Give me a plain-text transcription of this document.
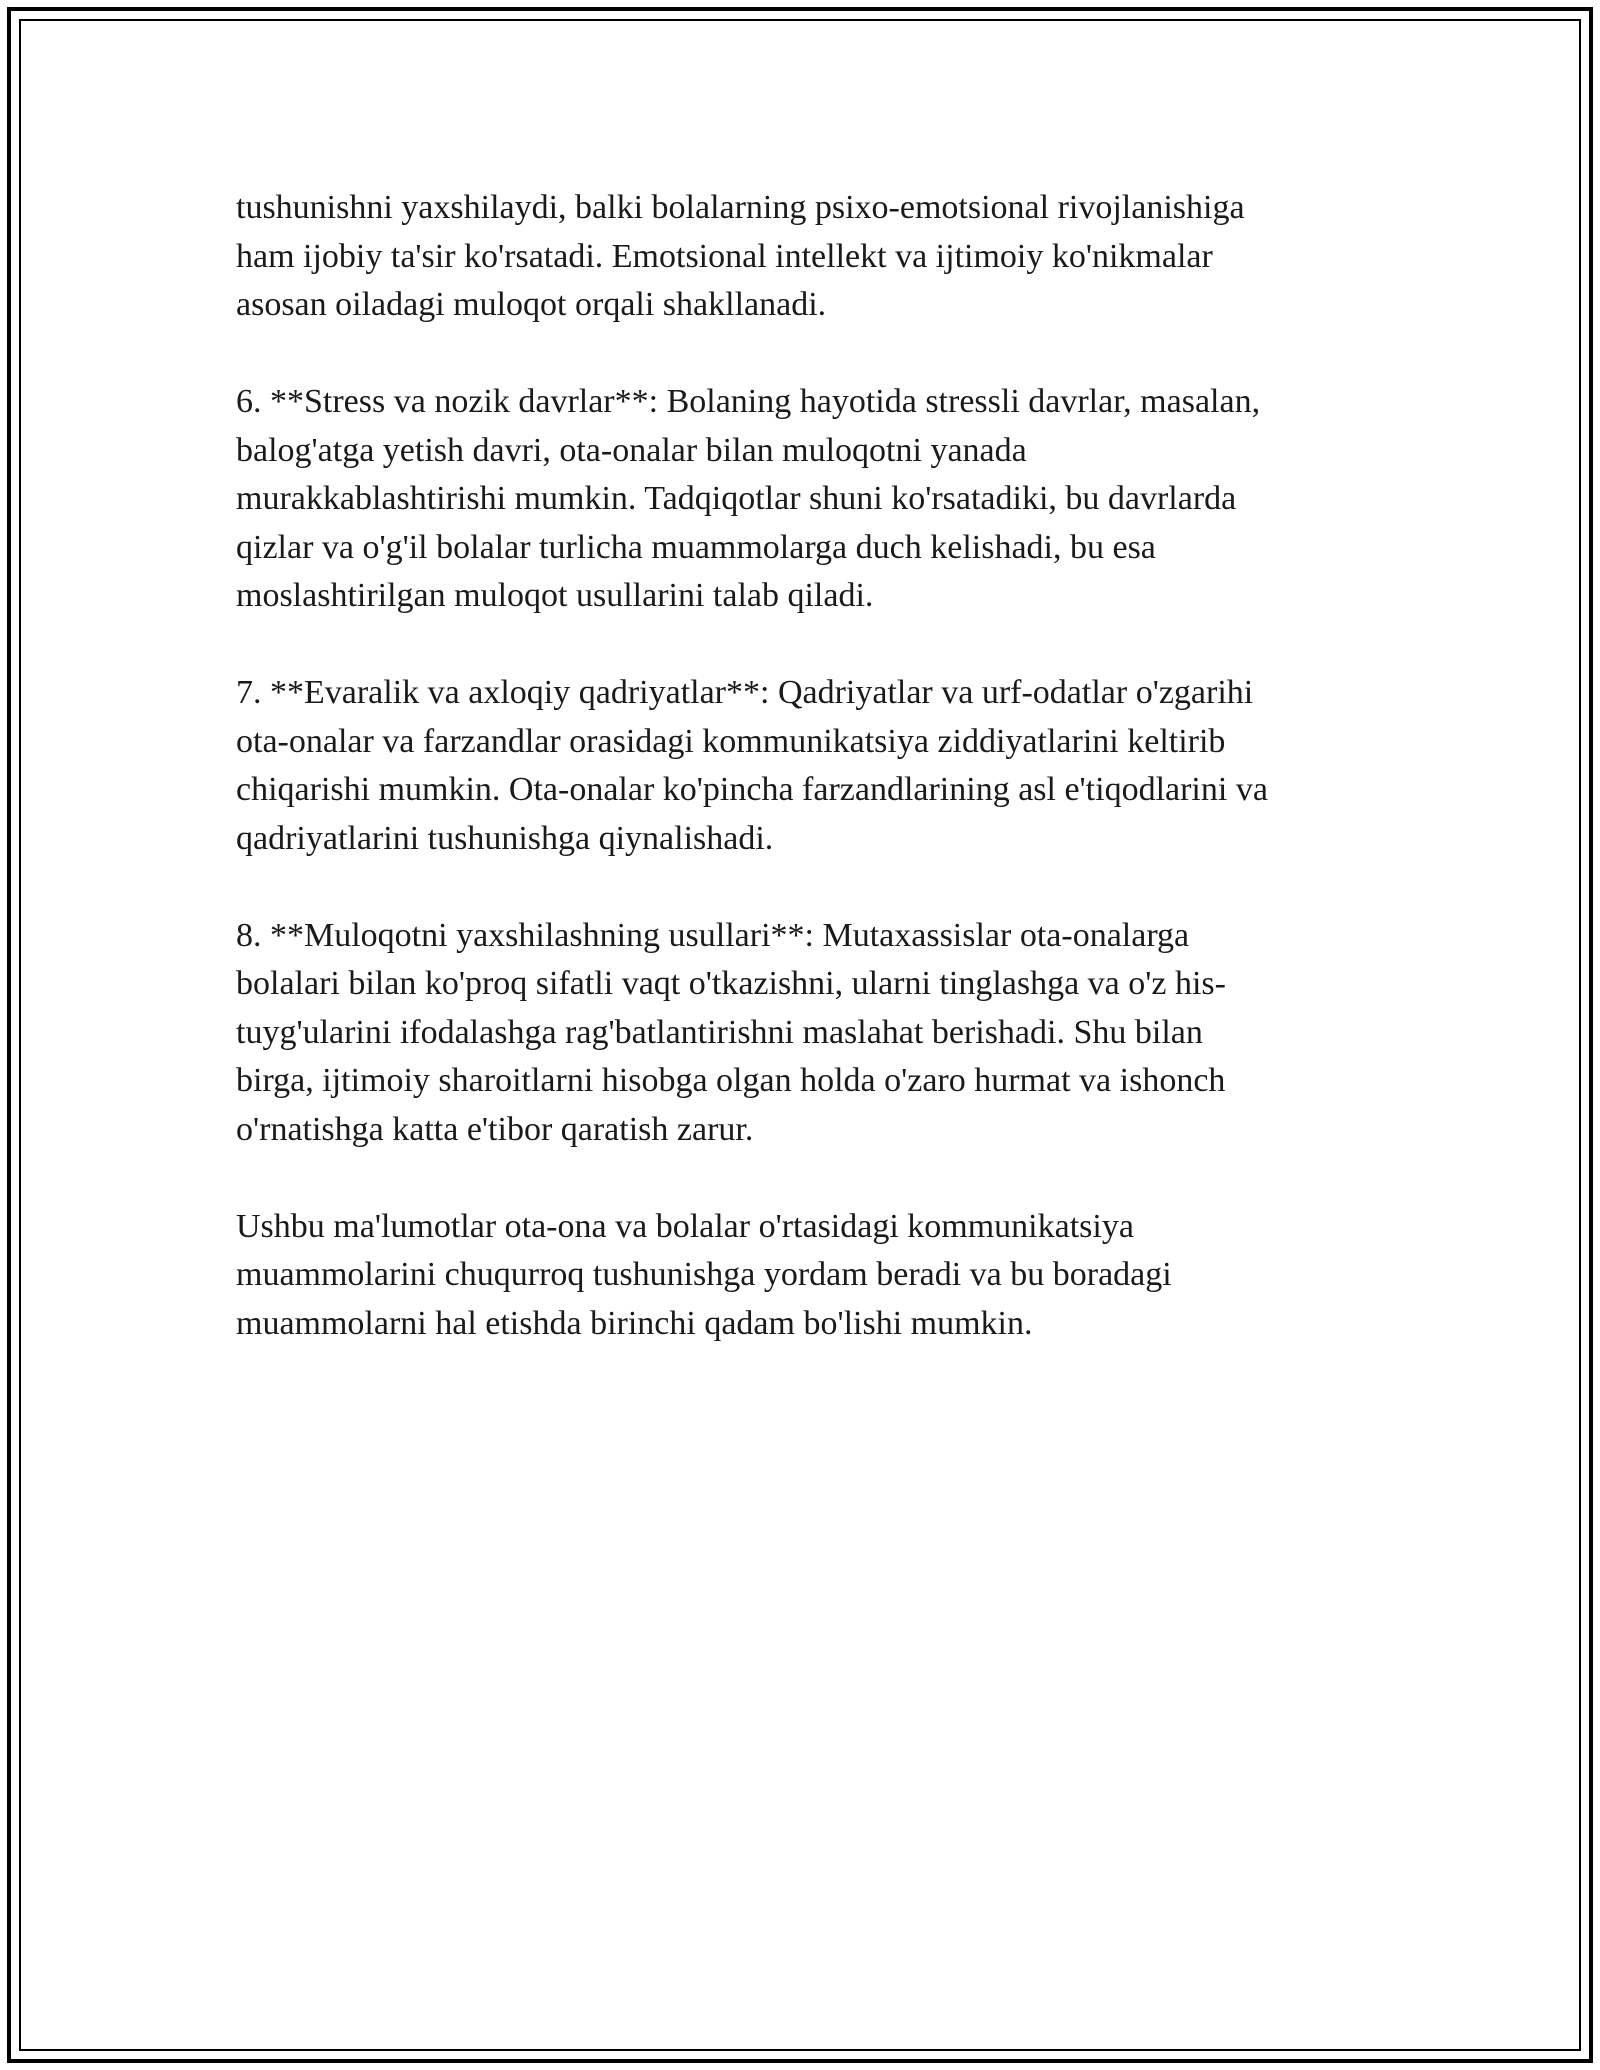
tushunishni yaxshilaydi, balki bolalarning psixo-emotsional rivojlanishiga
ham ijobiy ta'sir ko'rsatadi. Emotsional intellekt va ijtimoiy ko'nikmalar
asosan oiladagi muloqot orqali shakllanadi.

6. **Stress va nozik davrlar**: Bolaning hayotida stressli davrlar, masalan,
balog'atga yetish davri, ota-onalar bilan muloqotni yanada
murakkablashtirishi mumkin. Tadqiqotlar shuni ko'rsatadiki, bu davrlarda
qizlar va o'g'il bolalar turlicha muammolarga duch kelishadi, bu esa
moslashtirilgan muloqot usullarini talab qiladi.

7. **Evaralik va axloqiy qadriyatlar**: Qadriyatlar va urf-odatlar o'zgarihi
ota-onalar va farzandlar orasidagi kommunikatsiya ziddiyatlarini keltirib
chiqarishi mumkin. Ota-onalar ko'pincha farzandlarining asl e'tiqodlarini va
qadriyatlarini tushunishga qiynalishadi.

8. **Muloqotni yaxshilashning usullari**: Mutaxassislar ota-onalarga
bolalari bilan ko'proq sifatli vaqt o'tkazishni, ularni tinglashga va o'z his-
tuyg'ularini ifodalashga rag'batlantirishni maslahat berishadi. Shu bilan
birga, ijtimoiy sharoitlarni hisobga olgan holda o'zaro hurmat va ishonch
o'rnatishga katta e'tibor qaratish zarur.

Ushbu ma'lumotlar ota-ona va bolalar o'rtasidagi kommunikatsiya
muammolarini chuqurroq tushunishga yordam beradi va bu boradagi
muammolarni hal etishda birinchi qadam bo'lishi mumkin.
